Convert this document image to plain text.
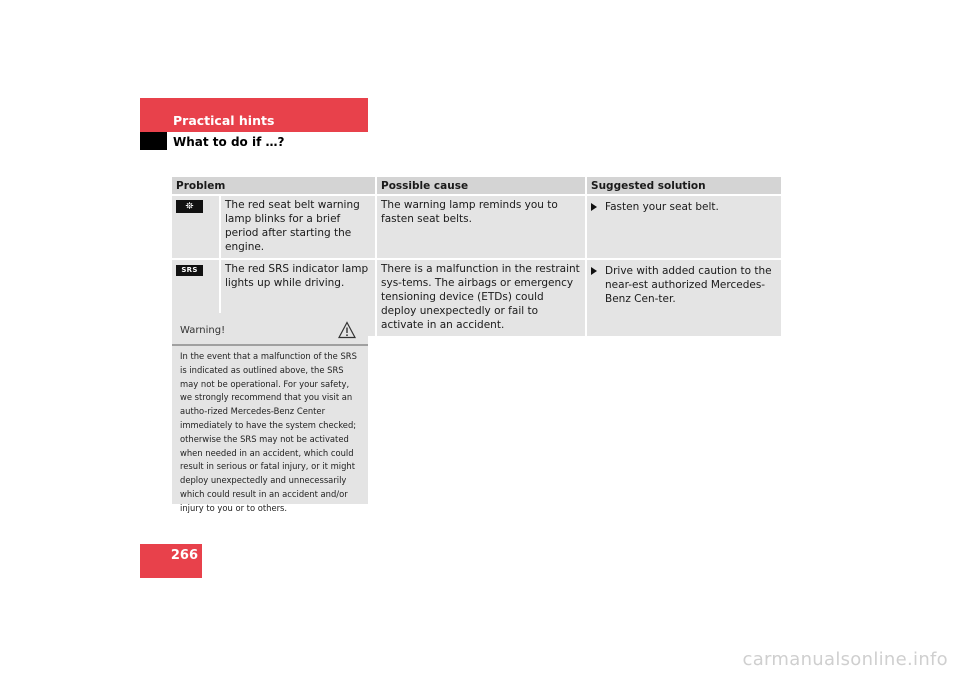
Practical hints
What to do if …?
Problem		Possible cause	Suggested solution
⛯	The red seat belt warning lamp blinks for a brief period after starting the engine.	The warning lamp reminds you to fasten seat belts.	Fasten your seat belt.

SRS	The red SRS indicator lamp lights up while driving.	There is a malfunction in the restraint sys-tems. The airbags or emergency tensioning device (ETDs) could deploy unexpectedly or fail to activate in an accident.	Drive with added caution to the near-est authorized Mercedes-Benz Cen-ter.
Warning!
In the event that a malfunction of the SRS is indicated as outlined above, the SRS may not be operational. For your safety, we strongly recommend that you visit an autho-rized Mercedes-Benz Center immediately to have the system checked; otherwise the SRS may not be activated when needed in an accident, which could result in serious or fatal injury, or it might deploy unexpectedly and unnecessarily which could result in an accident and/or injury to you or to others.
266
carmanualsonline.info
